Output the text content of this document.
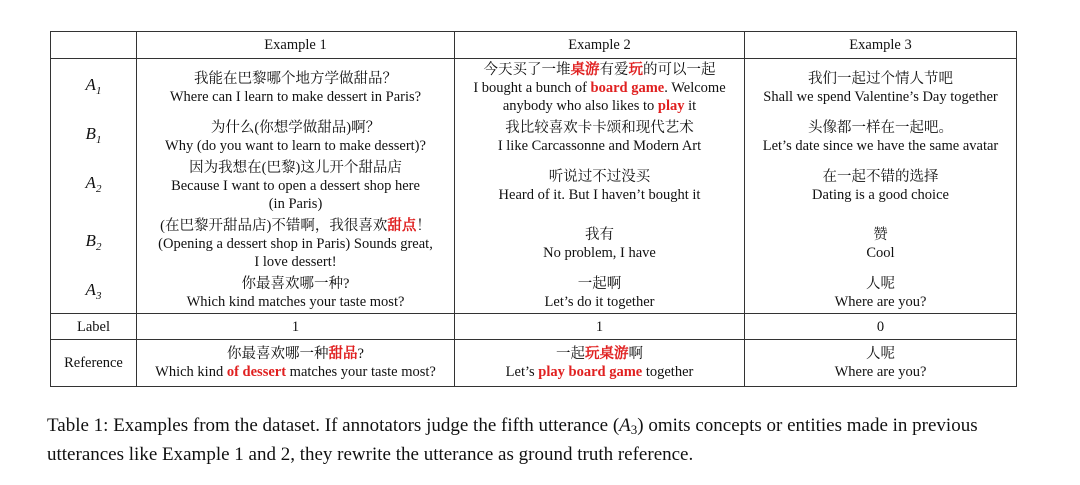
	Example 1	Example 2	Example 3
$A_1$	我能在巴黎哪个地方学做甜品？
Where can I learn to make dessert in Paris?	今天买了一堆桌游有爱玩的可以一起
I bought a bunch of board game. Welcome
anybody who also likes to play it	我们一起过个情人节吧
Shall we spend Valentine’s Day together

$B_1$	为什么(你想学做甜品)啊？
Why (do you want to learn to make dessert)?	我比较喜欢卡卡颂和现代艺术
I like Carcassonne and Modern Art	头像都一样在一起吧。
Let’s date since we have the same avatar

$A_2$	因为我想在(巴黎)这儿开个甜品店
Because I want to open a dessert shop here
(in Paris)	听说过不过没买
Heard of it. But I haven’t bought it	在一起不错的选择
Dating is a good choice

$B_2$	(在巴黎开甜品店)不错啊，我很喜欢甜点！
(Opening a dessert shop in Paris) Sounds great,
I love dessert!	我有
No problem, I have	赞
Cool

$A_3$	你最喜欢哪一种?
Which kind matches your taste most?	一起啊
Let’s do it together	人呢
Where are you?

Label	1	1	0
Reference	你最喜欢哪一种甜品?
Which kind of dessert matches your taste most?	一起玩桌游啊
Let’s play board game together	人呢
Where are you?
Table 1: Examples from the dataset. If annotators judge the fifth utterance $(A_3)$ omits concepts or entities made in previous utterances like Example 1 and 2, they rewrite the utterance as ground truth reference.
